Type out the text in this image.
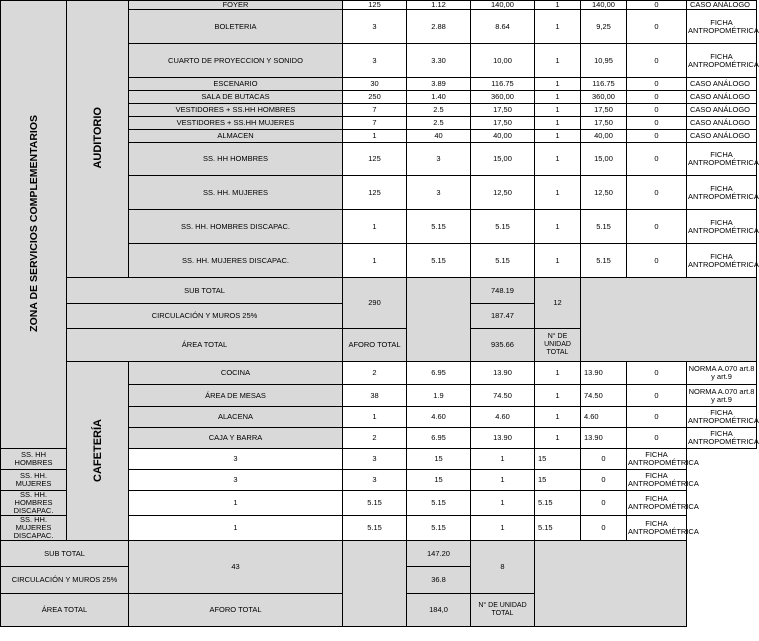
ZONA DE SERVICIOS COMPLEMENTARIOS	AUDITORIO	FOYER	125	1.12	140,00	1	140,00	0	CASO ANÁLOGO
		BOLETERIA	3	2.88	8.64	1	9,25	0	FICHA ANTROPOMÉTRICA
		CUARTO DE PROYECCION Y SONIDO	3	3.30	10,00	1	10,95	0	FICHA ANTROPOMÉTRICA
		ESCENARIO	30	3.89	116.75	1	116.75	0	CASO ANÁLOGO
		SALA DE BUTACAS	250	1.40	360,00	1	360,00	0	CASO ANÁLOGO
		VESTIDORES + SS.HH HOMBRES	7	2.5	17,50	1	17,50	0	CASO ANÁLOGO
		VESTIDORES + SS.HH MUJERES	7	2.5	17,50	1	17,50	0	CASO ANÁLOGO
		ALMACEN	1	40	40,00	1	40,00	0	CASO ANÁLOGO
		SS. HH HOMBRES	125	3	15,00	1	15,00	0	FICHA ANTROPOMÉTRICA
		SS. HH. MUJERES	125	3	12,50	1	12,50	0	FICHA ANTROPOMÉTRICA
		SS. HH. HOMBRES DISCAPAC.	1	5.15	5.15	1	5.15	0	FICHA ANTROPOMÉTRICA
		SS. HH. MUJERES DISCAPAC.	1	5.15	5.15	1	5.15	0	FICHA ANTROPOMÉTRICA
	SUB TOTAL		290		748.19	12			
	CIRCULACIÓN Y MUROS 25%				187.47				
	ÁREA TOTAL		AFORO TOTAL		935.66	N° DE UNIDAD TOTAL			
	CAFETERÍA	COCINA	2	6.95	13.90	1	13.90	0	NORMA A.070 art.8 y art.9
		ÁREA DE MESAS	38	1.9	74.50	1	74.50	0	NORMA A.070 art.8 y art.9
		ALACENA	1	4.60	4.60	1	4.60	0	FICHA ANTROPOMÉTRICA
		CAJA Y BARRA	2	6.95	13.90	1	13.90	0	FICHA ANTROPOMÉTRICA
SS. HH HOMBRES		3	3	15	1	15	0	FICHA ANTROPOMÉTRICA	
SS. HH. MUJERES		3	3	15	1	15	0	FICHA ANTROPOMÉTRICA	
SS. HH. HOMBRES DISCAPAC.		1	5.15	5.15	1	5.15	0	FICHA ANTROPOMÉTRICA	
SS. HH. MUJERES DISCAPAC.		1	5.15	5.15	1	5.15	0	FICHA ANTROPOMÉTRICA	
SUB TOTAL		43		147.20	8				
CIRCULACIÓN Y MUROS 25%				36.8					
ÁREA TOTAL		AFORO TOTAL		184,0	N° DE UNIDAD TOTAL				
